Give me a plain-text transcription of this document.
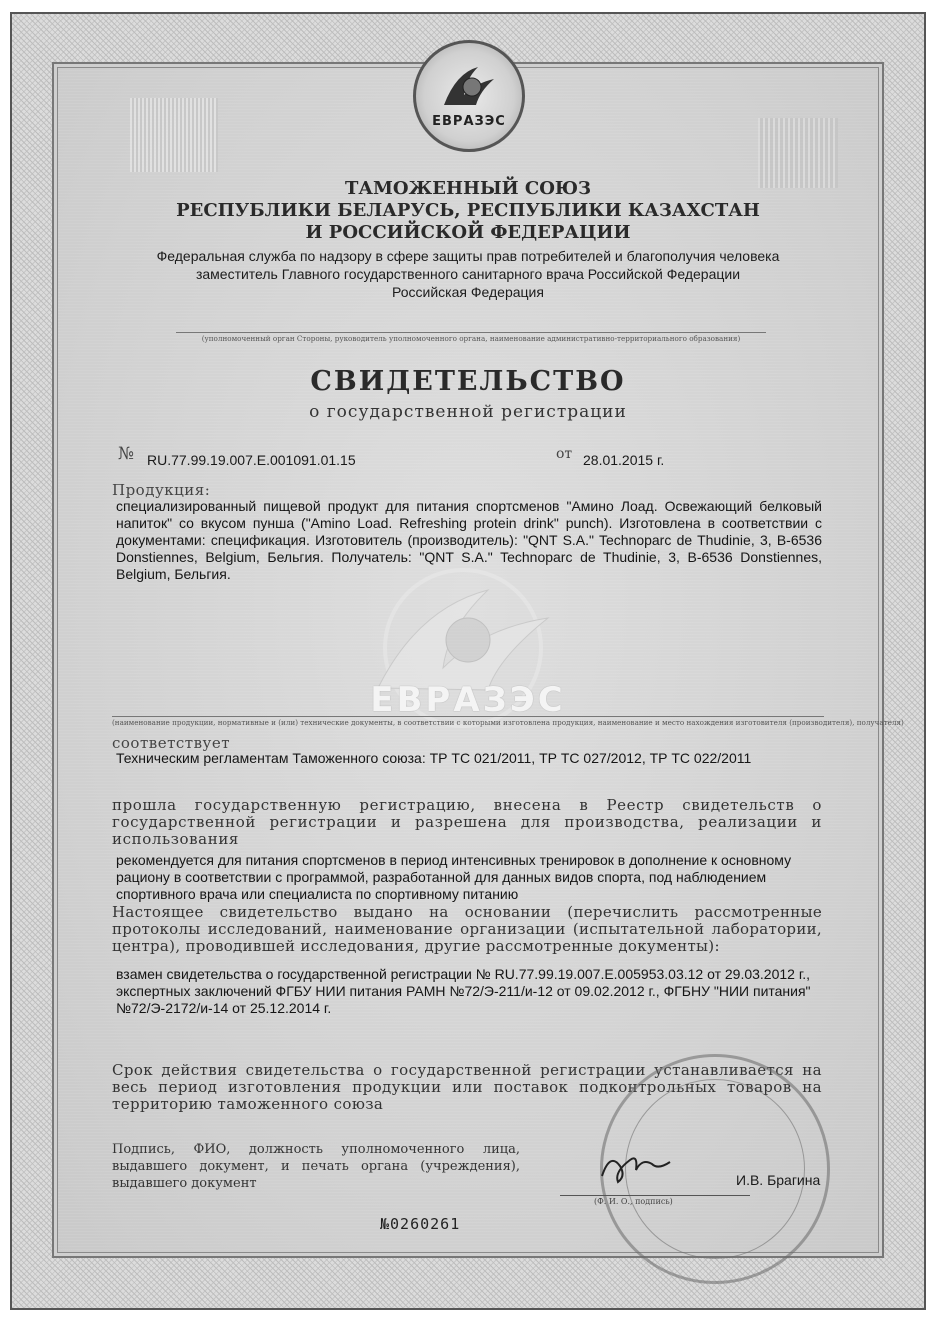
ЕВРАЗЭС
ЕВРАЗЭС
ТАМОЖЕННЫЙ СОЮЗ
РЕСПУБЛИКИ БЕЛАРУСЬ, РЕСПУБЛИКИ КАЗАХСТАН
И РОССИЙСКОЙ ФЕДЕРАЦИИ
Федеральная служба по надзору в сфере защиты прав потребителей и благополучия человека
заместитель Главного государственного санитарного врача Российской Федерации
Российская Федерация
(уполномоченный орган Стороны, руководитель уполномоченного органа, наименование административно-территориального образования)
СВИДЕТЕЛЬСТВО
о государственной регистрации
№ RU.77.99.19.007.Е.001091.01.15	от 28.01.2015 г.
Продукция:
специализированный пищевой продукт для питания спортсменов "Амино Лоад. Освежающий белковый напиток" со вкусом пунша ("Amino Load. Refreshing protein drink" punch). Изготовлена в соответствии с документами: спецификация. Изготовитель (производитель): "QNT S.A." Technoparc de Thudinie, 3, B-6536 Donstiennes, Belgium, Бельгия. Получатель: "QNT S.A." Technoparc de Thudinie, 3, B-6536 Donstiennes, Belgium, Бельгия.
(наименование продукции, нормативные и (или) технические документы, в соответствии с которыми изготовлена продукция, наименование и место нахождения изготовителя (производителя), получателя)
соответствует
Техническим регламентам Таможенного союза: ТР ТС 021/2011, ТР ТС 027/2012, ТР ТС 022/2011
прошла государственную регистрацию, внесена в Реестр свидетельств о государственной регистрации и разрешена для производства, реализации и использования
рекомендуется для питания спортсменов в период интенсивных тренировок в дополнение к основному рациону в соответствии с программой, разработанной для данных видов спорта, под наблюдением спортивного врача или специалиста по спортивному питанию
Настоящее свидетельство выдано на основании (перечислить рассмотренные протоколы исследований, наименование организации (испытательной лаборатории, центра), проводившей исследования, другие рассмотренные документы):
взамен свидетельства о государственной регистрации № RU.77.99.19.007.Е.005953.03.12 от 29.03.2012 г., экспертных заключений ФГБУ НИИ питания РАМН №72/Э-211/и-12 от 09.02.2012 г., ФГБНУ "НИИ питания" №72/Э-2172/и-14 от 25.12.2014 г.
Срок действия свидетельства о государственной регистрации устанавливается на весь период изготовления продукции или поставок подконтрольных товаров на территорию таможенного союза
Подпись, ФИО, должность уполномоченного лица, выдавшего документ, и печать органа (учреждения), выдавшего документ	И.В. Брагина
(Ф. И. О., подпись)
№0260261
